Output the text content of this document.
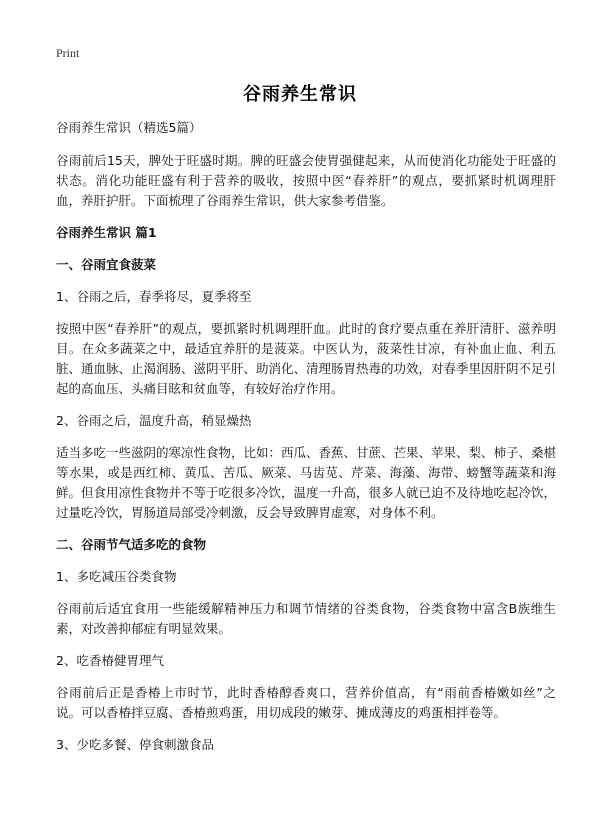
Print
谷雨养生常识

谷雨养生常识（精选5篇）

谷雨前后15天，脾处于旺盛时期。脾的旺盛会使胃强健起来，从而使消化功能处于旺盛的状态。消化功能旺盛有利于营养的吸收，按照中医“春养肝”的观点，要抓紧时机调理肝血，养肝护肝。下面梳理了谷雨养生常识，供大家参考借鉴。

谷雨养生常识 篇1

一、谷雨宜食菠菜

1、谷雨之后，春季将尽，夏季将至

按照中医“春养肝”的观点，要抓紧时机调理肝血。此时的食疗要点重在养肝清肝、滋养明目。在众多蔬菜之中，最适宜养肝的是菠菜。中医认为，菠菜性甘凉，有补血止血、利五脏、通血脉、止渴润肠、滋阴平肝、助消化、清理肠胃热毒的功效，对春季里因肝阴不足引起的高血压、头痛目眩和贫血等，有较好治疗作用。

2、谷雨之后，温度升高，稍显燥热

适当多吃一些滋阴的寒凉性食物，比如：西瓜、香蕉、甘蔗、芒果、苹果、梨、柿子、桑椹等水果，或是西红柿、黄瓜、苦瓜、厥菜、马齿苋、芹菜、海藻、海带、螃蟹等蔬菜和海鲜。但食用凉性食物并不等于吃很多冷饮，温度一升高，很多人就已迫不及待地吃起冷饮，过量吃冷饮，胃肠道局部受冷刺激，反会导致脾胃虚寒，对身体不利。

二、谷雨节气适多吃的食物

1、多吃减压谷类食物

谷雨前后适宜食用一些能缓解精神压力和调节情绪的谷类食物，谷类食物中富含B族维生素，对改善抑郁症有明显效果。

2、吃香椿健胃理气

谷雨前后正是香椿上市时节，此时香椿醇香爽口，营养价值高，有“雨前香椿嫩如丝”之说。可以香椿拌豆腐、香椿煎鸡蛋，用切成段的嫩芽、摊成薄皮的鸡蛋相拌卷等。

3、少吃多餐、停食刺激食品
